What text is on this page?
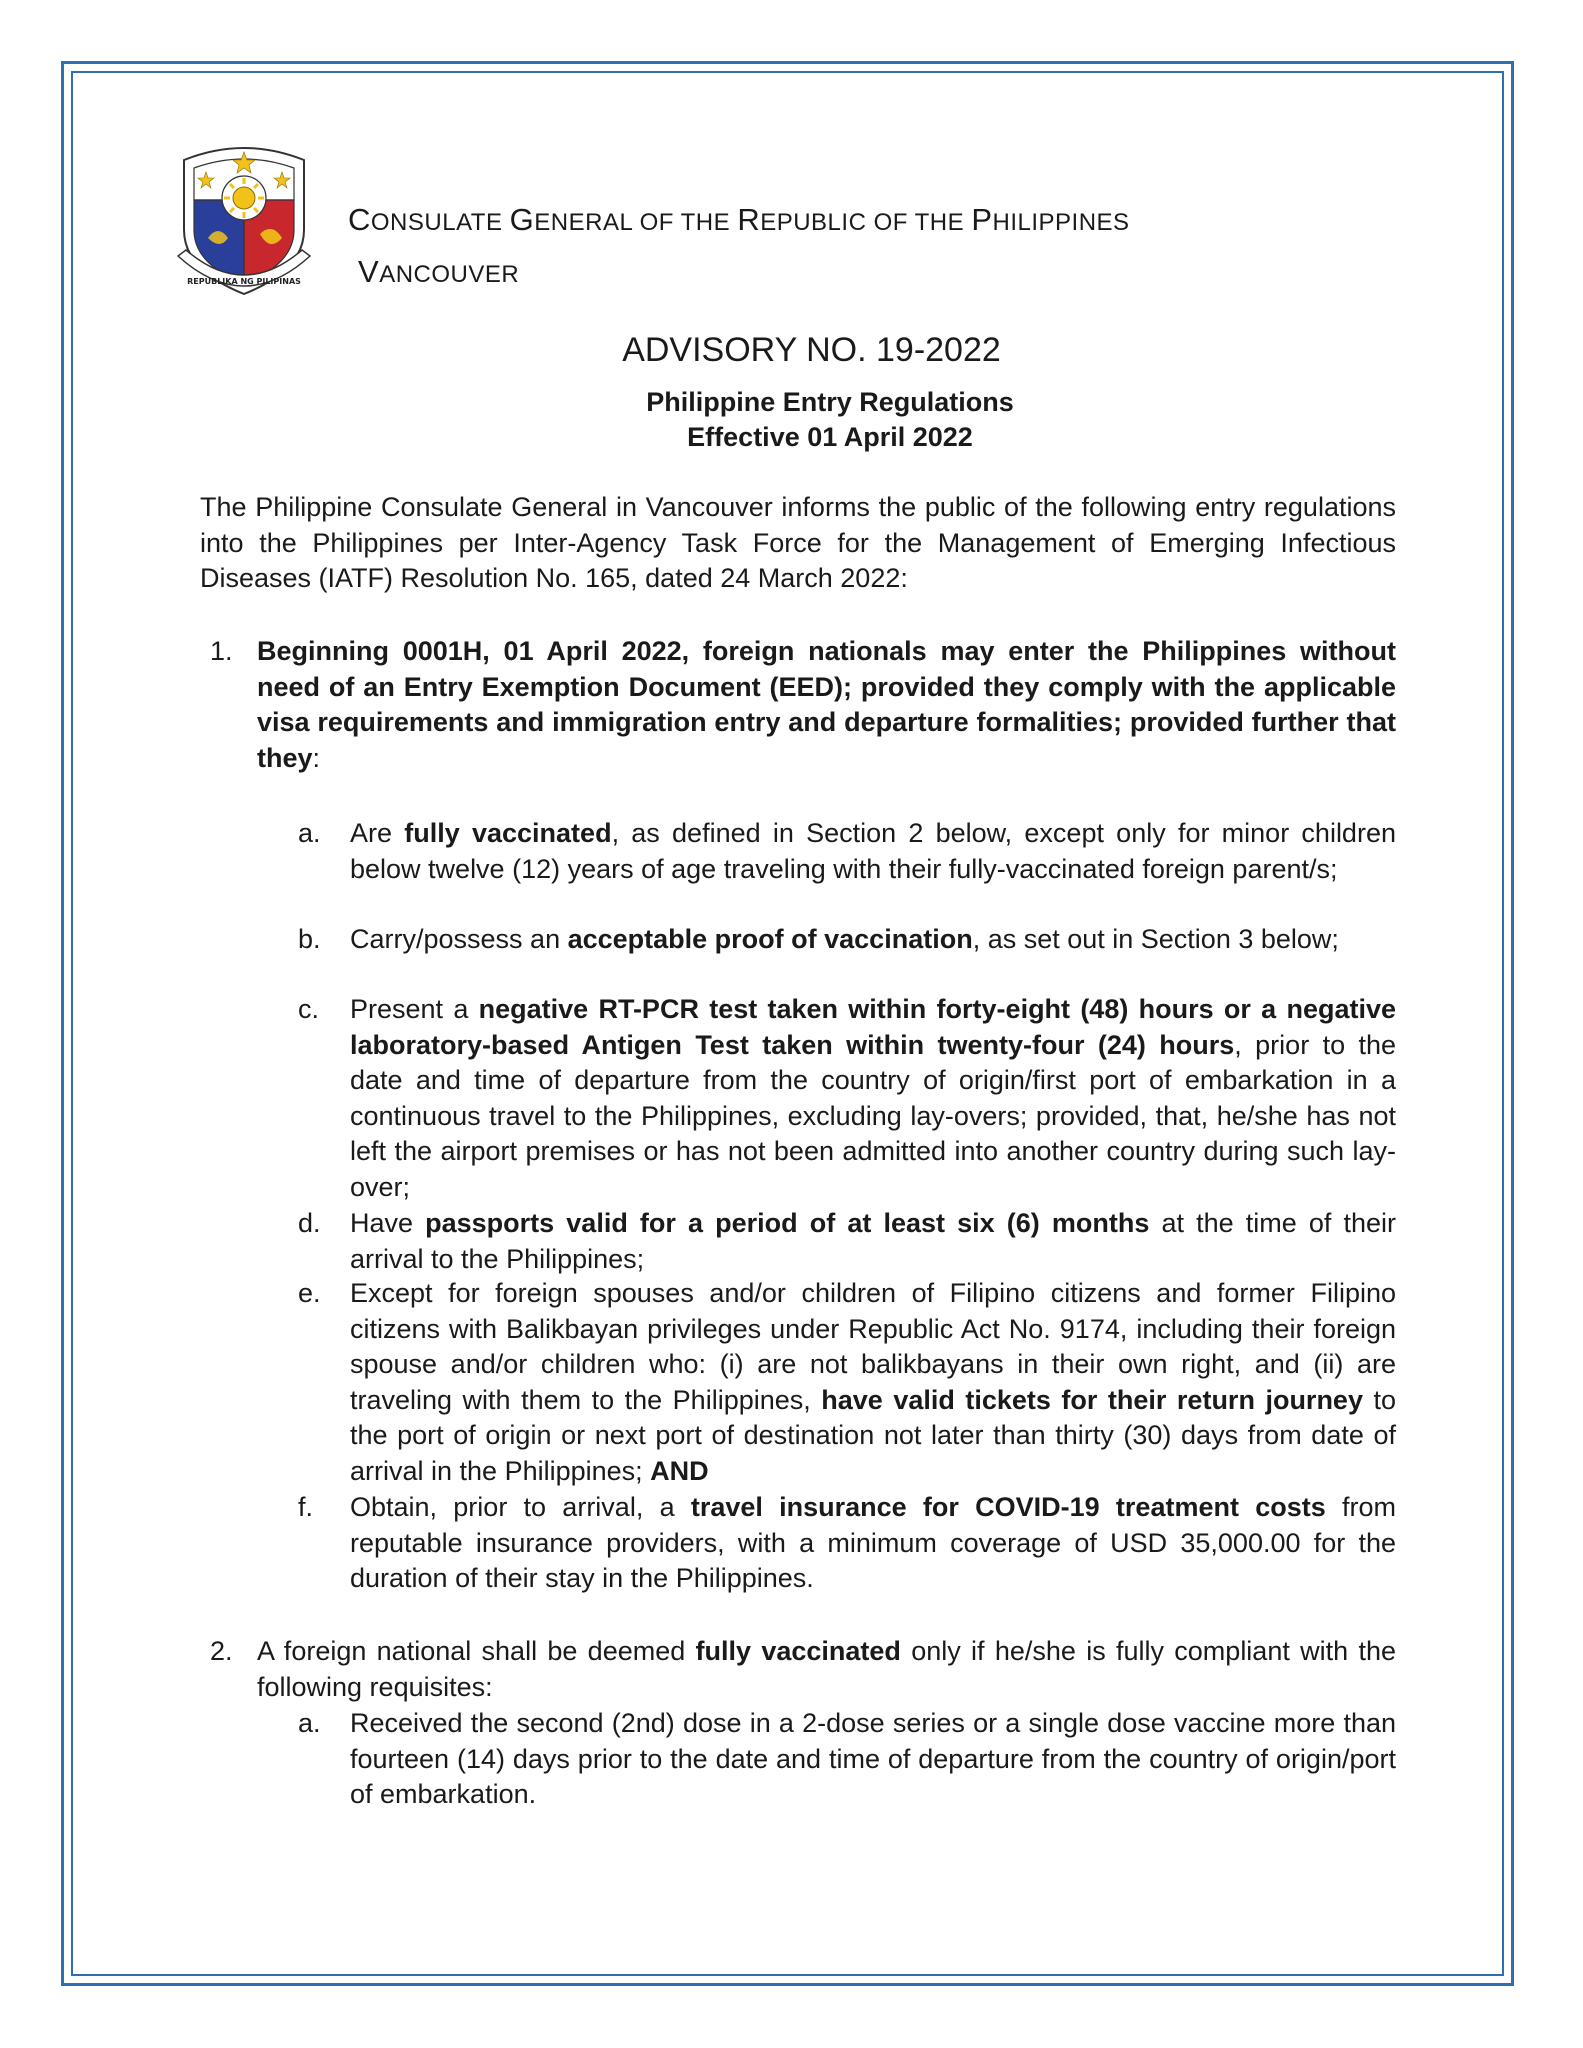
REPUBLIKA NG PILIPINAS
CONSULATE GENERAL OF THE REPUBLIC OF THE PHILIPPINES
VANCOUVER
ADVISORY NO. 19-2022
Philippine Entry Regulations
Effective 01 April 2022
The Philippine Consulate General in Vancouver informs the public of the following entry regulations into the Philippines per Inter-Agency Task Force for the Management of Emerging Infectious Diseases (IATF) Resolution No. 165, dated 24 March 2022:
1. Beginning 0001H, 01 April 2022, foreign nationals may enter the Philippines without need of an Entry Exemption Document (EED); provided they comply with the applicable visa requirements and immigration entry and departure formalities; provided further that they:
a.	Are fully vaccinated, as defined in Section 2 below, except only for minor children below twelve (12) years of age traveling with their fully-vaccinated foreign parent/s;
b.	Carry/possess an acceptable proof of vaccination, as set out in Section 3 below;
c.	Present a negative RT-PCR test taken within forty-eight (48) hours or a negative laboratory-based Antigen Test taken within twenty-four (24) hours, prior to the date and time of departure from the country of origin/first port of embarkation in a continuous travel to the Philippines, excluding lay-overs; provided, that, he/she has not left the airport premises or has not been admitted into another country during such lay-over;
d.	Have passports valid for a period of at least six (6) months at the time of their arrival to the Philippines;
e.	Except for foreign spouses and/or children of Filipino citizens and former Filipino citizens with Balikbayan privileges under Republic Act No. 9174, including their foreign spouse and/or children who: (i) are not balikbayans in their own right, and (ii) are traveling with them to the Philippines, have valid tickets for their return journey to the port of origin or next port of destination not later than thirty (30) days from date of arrival in the Philippines; AND
f.	Obtain, prior to arrival, a travel insurance for COVID-19 treatment costs from reputable insurance providers, with a minimum coverage of USD 35,000.00 for the duration of their stay in the Philippines.
2. A foreign national shall be deemed fully vaccinated only if he/she is fully compliant with the following requisites:
a.	Received the second (2nd) dose in a 2-dose series or a single dose vaccine more than fourteen (14) days prior to the date and time of departure from the country of origin/port of embarkation.
